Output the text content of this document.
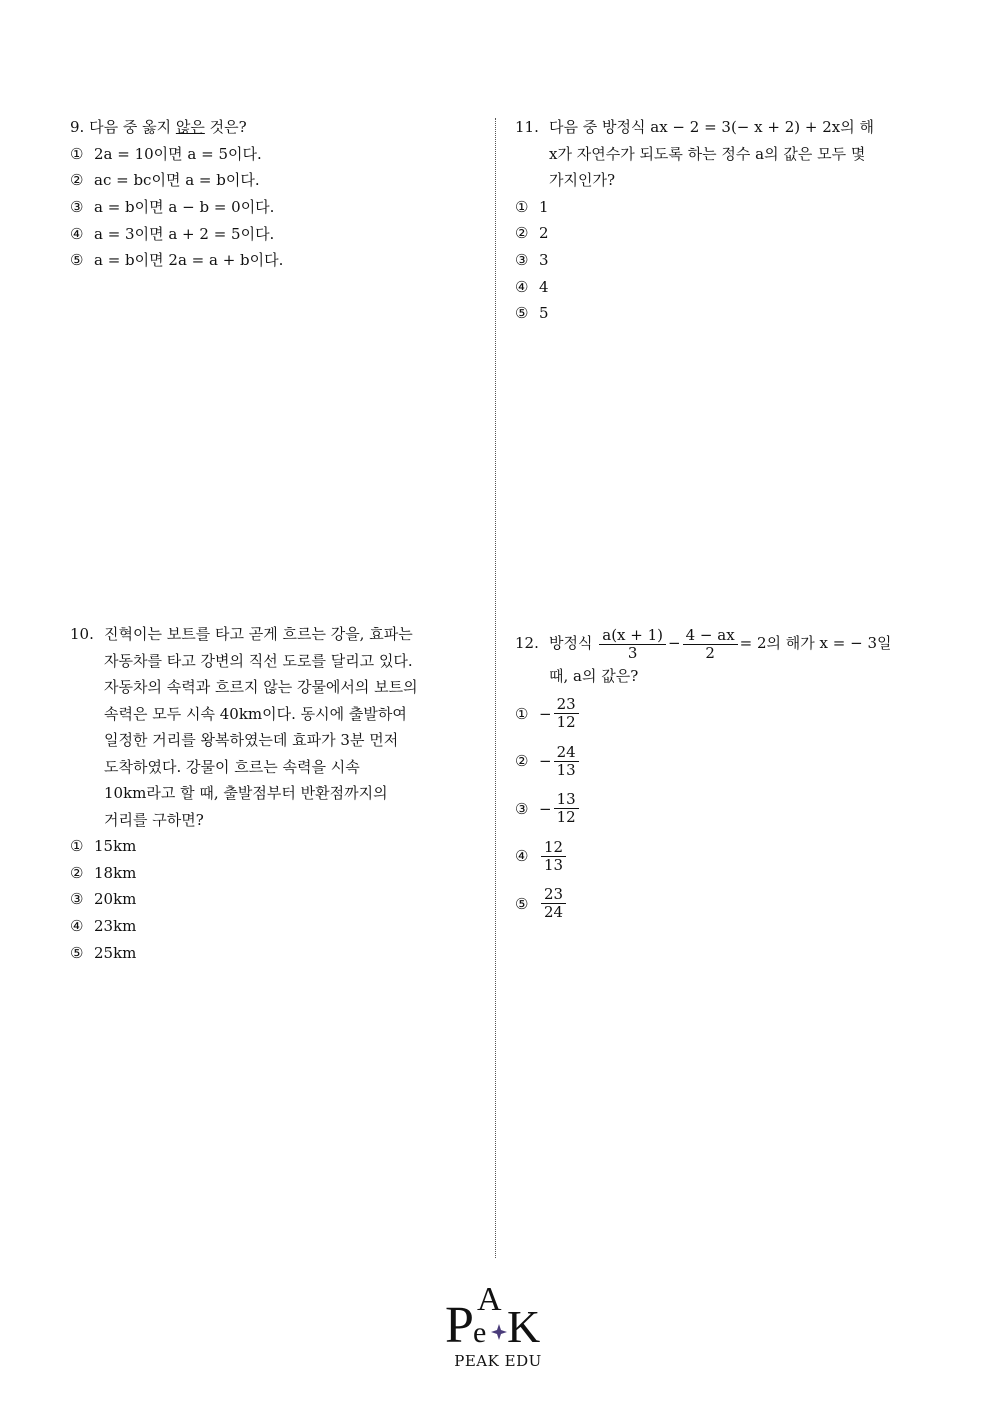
9. 다음 중 옳지 않은 것은?
① 2a = 10이면 a = 5이다.
② ac = bc이면 a = b이다.
③ a = b이면 a − b = 0이다.
④ a = 3이면 a + 2 = 5이다.
⑤ a = b이면 2a = a + b이다.
10. 진혁이는 보트를 타고 곧게 흐르는 강을, 효파는
자동차를 타고 강변의 직선 도로를 달리고 있다.
자동차의 속력과 흐르지 않는 강물에서의 보트의
속력은 모두 시속 40km이다. 동시에 출발하여
일정한 거리를 왕복하였는데 효파가 3분 먼저
도착하였다. 강물이 흐르는 속력을 시속
10km라고 할 때, 출발점부터 반환점까지의
거리를 구하면?
① 15km
② 18km
③ 20km
④ 23km
⑤ 25km
11. 다음 중 방정식 ax − 2 = 3(− x + 2) + 2x의 해
x가 자연수가 되도록 하는 정수 a의 값은 모두 몇
가지인가?
① 1
② 2
③ 3
④ 4
⑤ 5
12. 방정식 $\frac{a(x + 1)}{3} - \frac{4 - ax}{2} = 2$의 해가 x = − 3일
때, a의 값은?
① − $\frac{23}{12}$
② − $\frac{24}{13}$
③ − $\frac{13}{12}$
④ $\frac{12}{13}$
⑤ $\frac{23}{24}$
P e
A
K
PEAK EDU
